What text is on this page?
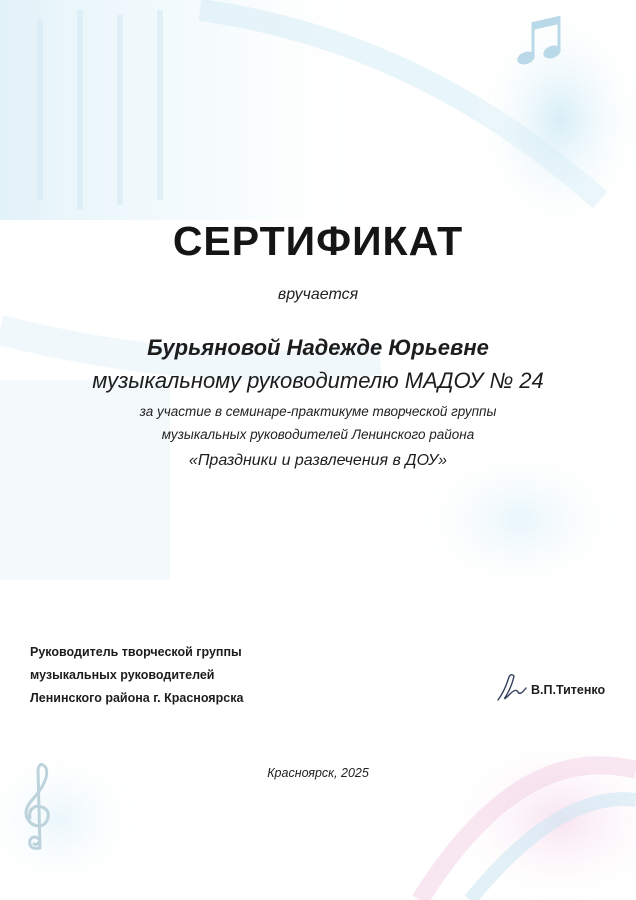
СЕРТИФИКАТ
вручается
Бурьяновой Надежде Юрьевне
музыкальному руководителю МАДОУ № 24
за участие в семинаре-практикуме творческой группы
музыкальных руководителей Ленинского района
«Праздники и развлечения в ДОУ»
Руководитель творческой группы
музыкальных руководителей
Ленинского района г. Красноярска
В.П.Титенко
Красноярск, 2025
